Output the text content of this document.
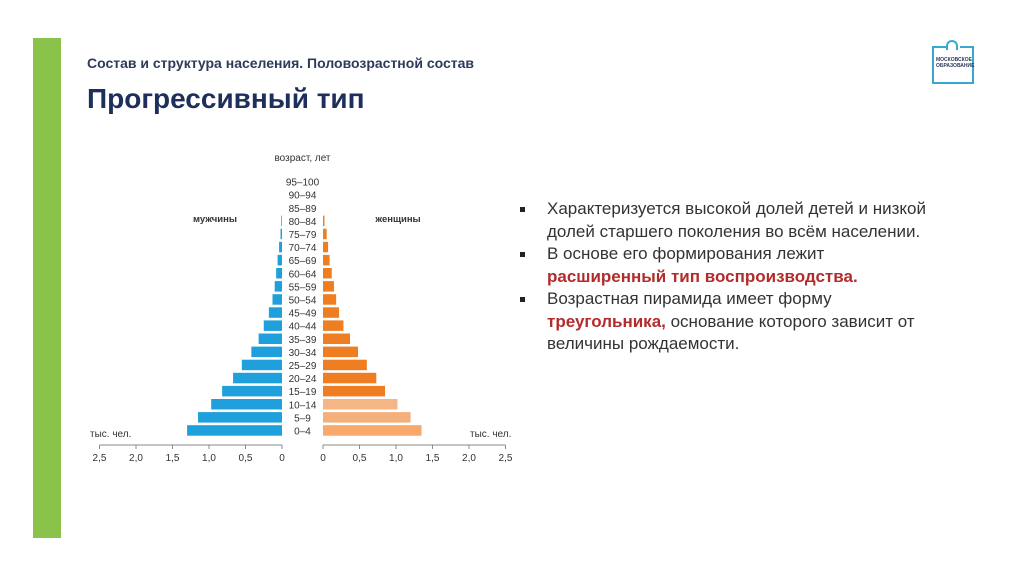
Состав и структура населения. Половозрастной состав
Прогрессивный тип
МОСКОВСКОЕ
ОБРАЗОВАНИЕ
2,5 2,0 1,5 1,0 0,5	0	0	0,5 1,0 1,5 2,0 2,5
95–100
90–94
85–89
80–84
75–79
70–74
65–69
60–64
55–59
50–54
45–49
40–44
35–39
30–34
25–29
20–24
15–19
10–14
5–9
0–4
возраст, лет
мужчины	женщины
тыс. чел.	тыс. чел.
Характеризуется высокой долей детей и низкой долей старшего поколения во всём населении.
В основе его формирования лежит расширенный тип воспроизводства.
Возрастная пирамида имеет форму треугольника, основание которого зависит от величины рождаемости.
